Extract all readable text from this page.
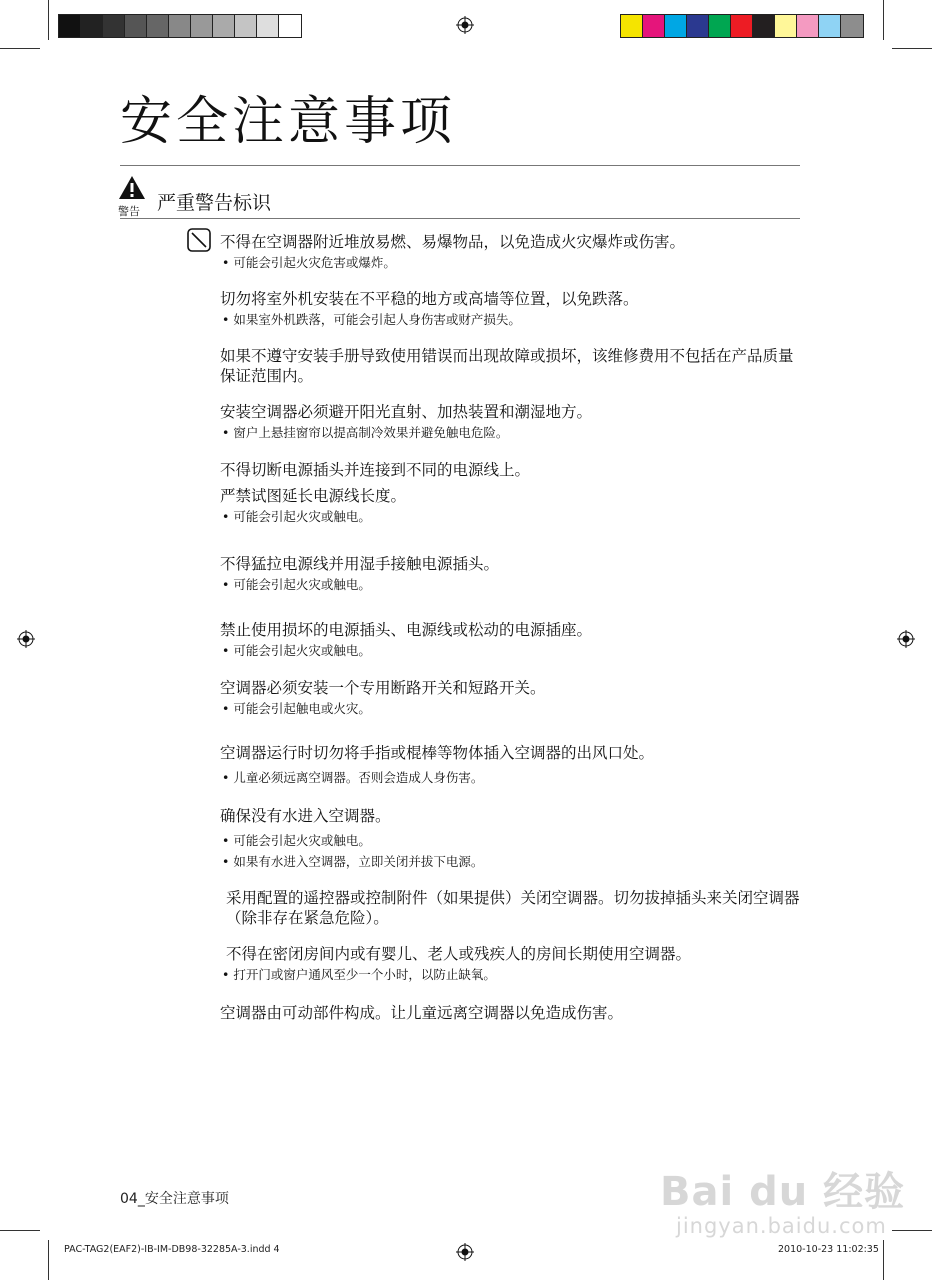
安全注意事项
警告 严重警告标识
不得在空调器附近堆放易燃、易爆物品，以免造成火灾爆炸或伤害。
• 可能会引起火灾危害或爆炸。
切勿将室外机安装在不平稳的地方或高墙等位置，以免跌落。
• 如果室外机跌落，可能会引起人身伤害或财产损失。
如果不遵守安装手册导致使用错误而出现故障或损坏，该维修费用不包括在产品质量保证范围内。
安装空调器必须避开阳光直射、加热装置和潮湿地方。
• 窗户上悬挂窗帘以提高制冷效果并避免触电危险。
不得切断电源插头并连接到不同的电源线上。
严禁试图延长电源线长度。
• 可能会引起火灾或触电。
不得猛拉电源线并用湿手接触电源插头。
• 可能会引起火灾或触电。
禁止使用损坏的电源插头、电源线或松动的电源插座。
• 可能会引起火灾或触电。
空调器必须安装一个专用断路开关和短路开关。
• 可能会引起触电或火灾。
空调器运行时切勿将手指或棍棒等物体插入空调器的出风口处。
• 儿童必须远离空调器。否则会造成人身伤害。
确保没有水进入空调器。
• 可能会引起火灾或触电。
• 如果有水进入空调器，立即关闭并拔下电源。
采用配置的遥控器或控制附件（如果提供）关闭空调器。切勿拔掉插头来关闭空调器（除非存在紧急危险）。
不得在密闭房间内或有婴儿、老人或残疾人的房间长期使用空调器。
• 打开门或窗户通风至少一个小时，以防止缺氧。
空调器由可动部件构成。让儿童远离空调器以免造成伤害。
04_安全注意事项	Bai du 经验
jingyan.baidu.com
PAC-TAG2(EAF2)-IB-IM-DB98-32285A-3.indd 4	2010-10-23 11:02:35
